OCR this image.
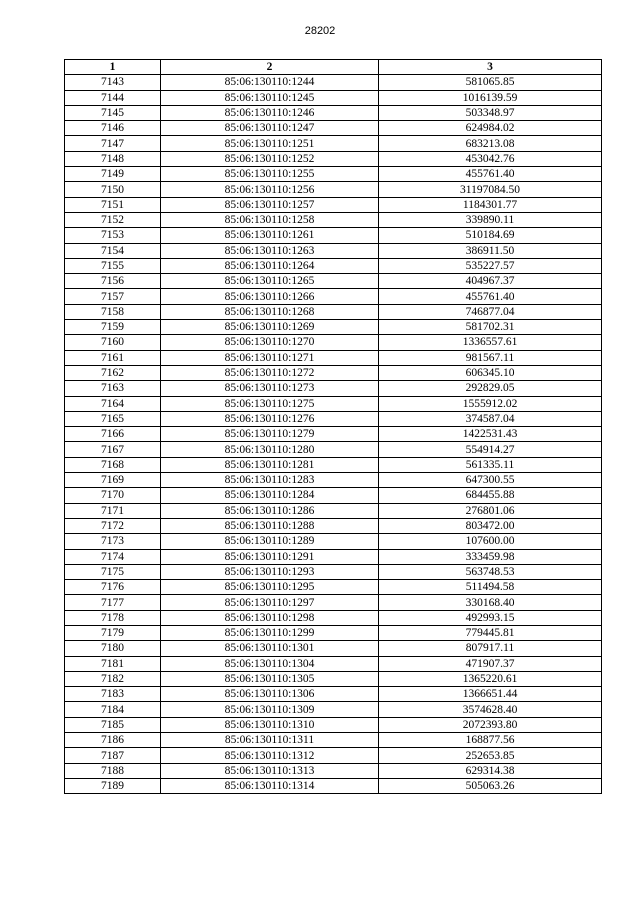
28202
1	2	3
7143	85:06:130110:1244	581065.85
7144	85:06:130110:1245	1016139.59
7145	85:06:130110:1246	503348.97
7146	85:06:130110:1247	624984.02
7147	85:06:130110:1251	683213.08
7148	85:06:130110:1252	453042.76
7149	85:06:130110:1255	455761.40
7150	85:06:130110:1256	31197084.50
7151	85:06:130110:1257	1184301.77
7152	85:06:130110:1258	339890.11
7153	85:06:130110:1261	510184.69
7154	85:06:130110:1263	386911.50
7155	85:06:130110:1264	535227.57
7156	85:06:130110:1265	404967.37
7157	85:06:130110:1266	455761.40
7158	85:06:130110:1268	746877.04
7159	85:06:130110:1269	581702.31
7160	85:06:130110:1270	1336557.61
7161	85:06:130110:1271	981567.11
7162	85:06:130110:1272	606345.10
7163	85:06:130110:1273	292829.05
7164	85:06:130110:1275	1555912.02
7165	85:06:130110:1276	374587.04
7166	85:06:130110:1279	1422531.43
7167	85:06:130110:1280	554914.27
7168	85:06:130110:1281	561335.11
7169	85:06:130110:1283	647300.55
7170	85:06:130110:1284	684455.88
7171	85:06:130110:1286	276801.06
7172	85:06:130110:1288	803472.00
7173	85:06:130110:1289	107600.00
7174	85:06:130110:1291	333459.98
7175	85:06:130110:1293	563748.53
7176	85:06:130110:1295	511494.58
7177	85:06:130110:1297	330168.40
7178	85:06:130110:1298	492993.15
7179	85:06:130110:1299	779445.81
7180	85:06:130110:1301	807917.11
7181	85:06:130110:1304	471907.37
7182	85:06:130110:1305	1365220.61
7183	85:06:130110:1306	1366651.44
7184	85:06:130110:1309	3574628.40
7185	85:06:130110:1310	2072393.80
7186	85:06:130110:1311	168877.56
7187	85:06:130110:1312	252653.85
7188	85:06:130110:1313	629314.38
7189	85:06:130110:1314	505063.26
